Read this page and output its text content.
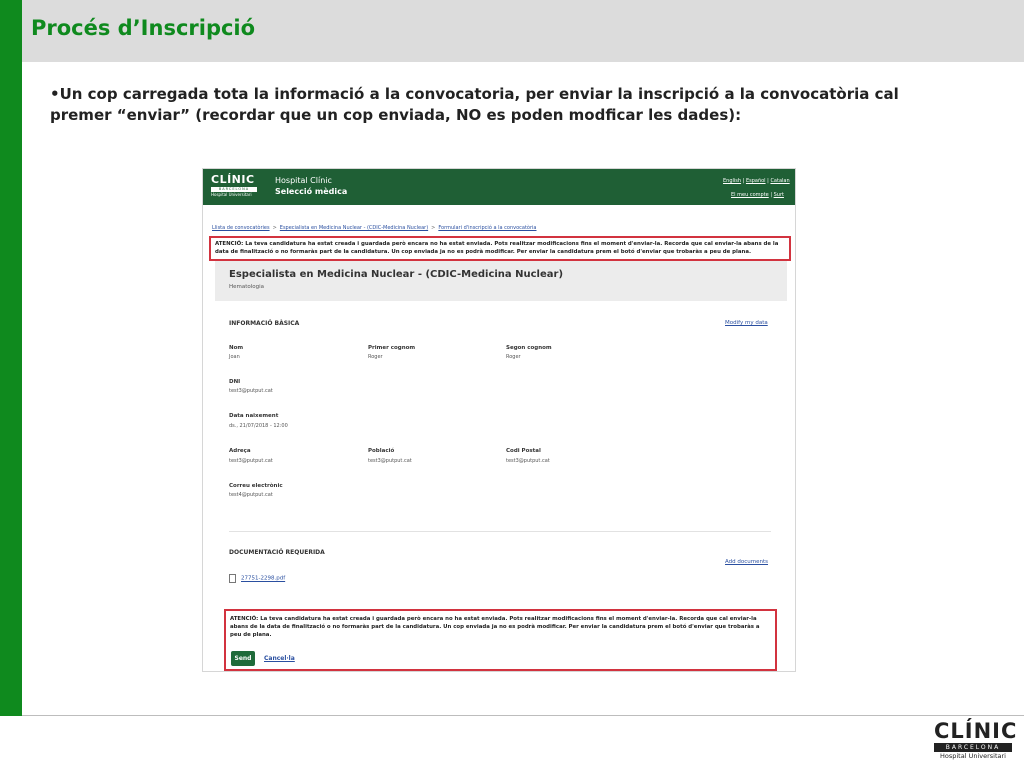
Procés d’Inscripció
•Un cop carregada tota la informació a la convocatoria, per enviar la inscripció a la convocatòria cal premer “enviar” (recordar que un cop enviada, NO es poden modficar les dades):
CLÍNIC
BARCELONA
Hospital Universitari
CLÍNIC
BARCELONA
Hospital Universitari
Hospital Clínic
Selecció mèdica
English | Español | Catalan
El meu compte | Surt
Llista de convocatòries > Especialista en Medicina Nuclear - (CDIC-Medicina Nuclear) > Formulari d'inscripció a la convocatòria
ATENCIÓ: La teva candidatura ha estat creada i guardada però encara no ha estat enviada. Pots realitzar modificacions fins el moment d'enviar-la. Recorda que cal enviar-la abans de la data de finalització o no formaràs part de la candidatura. Un cop enviada ja no es podrà modificar. Per enviar la candidatura prem el botó d'enviar que trobaràs a peu de plana.
Especialista en Medicina Nuclear - (CDIC-Medicina Nuclear)
Hematologia
INFORMACIÓ BÀSICA	Modify my data
Nom
Joan
Primer cognom
Roger
Segon cognom
Roger
DNI
test3@putput.cat
Data naixement
ds., 21/07/2018 - 12:00
Adreça
test3@putput.cat
Població
test3@putput.cat
Codi Postal
test3@putput.cat
Correu electrònic
test4@putput.cat
DOCUMENTACIÓ REQUERIDA
Add documents
27751-2298.pdf
ATENCIÓ: La teva candidatura ha estat creada i guardada però encara no ha estat enviada. Pots realitzar modificacions fins el moment d'enviar-la. Recorda que cal enviar-la abans de la data de finalització o no formaràs part de la candidatura. Un cop enviada ja no es podrà modificar. Per enviar la candidatura prem el botó d'enviar que trobaràs a peu de plana.
Send	Cancel·la
